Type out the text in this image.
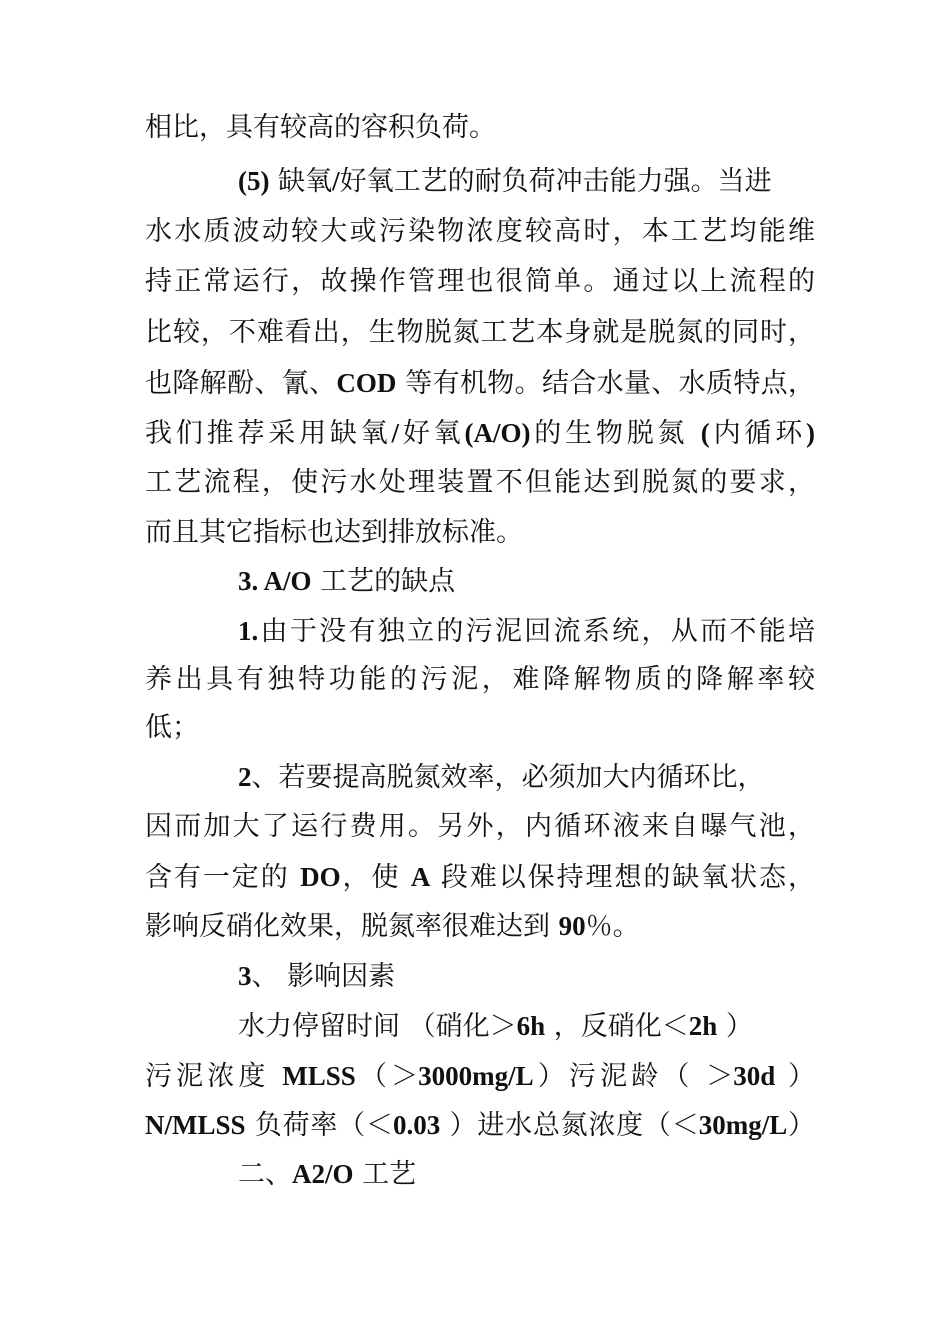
相比，具有较高的容积负荷。
(5) 缺氧/好氧工艺的耐负荷冲击能力强。当进
水水质波动较大或污染物浓度较高时，本工艺均能维
持正常运行，故操作管理也很简单。通过以上流程的
比较，不难看出，生物脱氮工艺本身就是脱氮的同时，
也降解酚、氰、COD 等有机物。结合水量、水质特点，
我们推荐采用缺氧/好氧(A/O)的生物脱氮 (内循环)
工艺流程，使污水处理装置不但能达到脱氮的要求，
而且其它指标也达到排放标准。
3. A/O 工艺的缺点
1.由于没有独立的污泥回流系统，从而不能培
养出具有独特功能的污泥，难降解物质的降解率较
低；
2、若要提高脱氮效率，必须加大内循环比，
因而加大了运行费用。另外，内循环液来自曝气池，
含有一定的 DO，使 A 段难以保持理想的缺氧状态，
影响反硝化效果，脱氮率很难达到 90％。
3、 影响因素
水力停留时间 （硝化＞6h ，反硝化＜2h ）
污泥浓度 MLSS（＞3000mg/L）污泥龄（ ＞30d ）
N/MLSS 负荷率（＜0.03 ）进水总氮浓度（＜30mg/L）
二、A2/O 工艺
